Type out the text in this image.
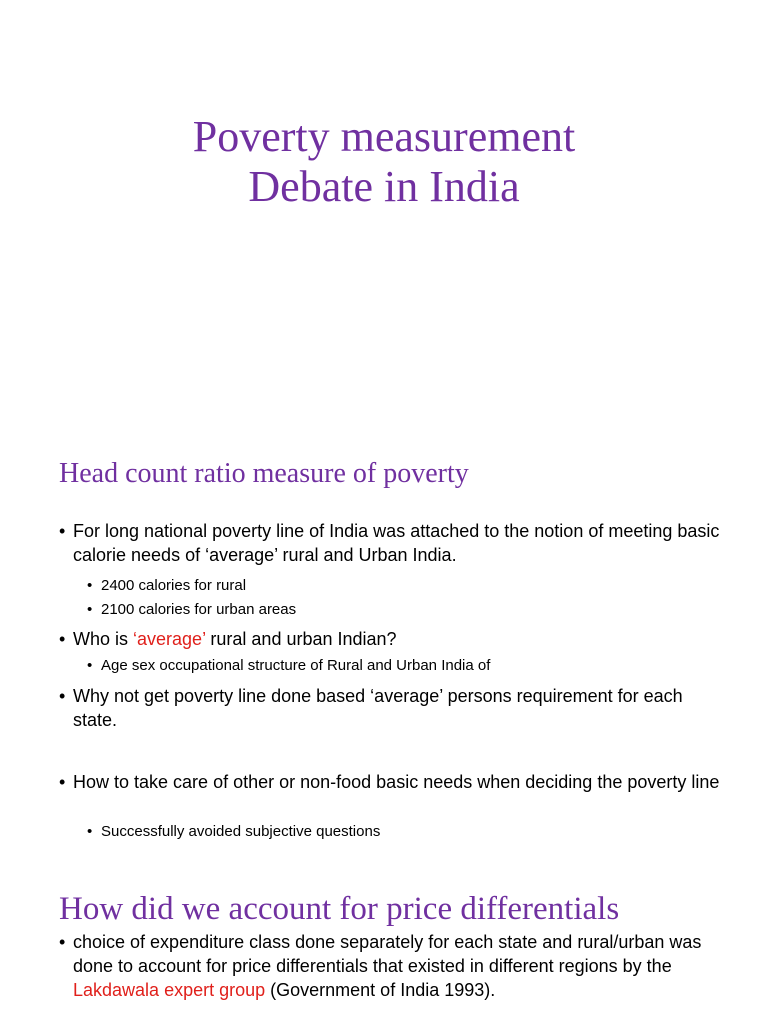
Poverty measurement
Debate in India
Head count ratio measure of poverty
• For long national poverty line of India was attached to the notion of meeting basic calorie needs of ‘average’ rural and Urban India.
• 2400 calories for rural
• 2100 calories for urban areas
• Who is ‘average’ rural and urban Indian?
• Age sex occupational structure of Rural and Urban India of
• Why not get poverty line done based ‘average’ persons requirement for each state.
• How to take care of other or non-food basic needs when deciding the poverty line
• Successfully avoided subjective questions
How did we account for price differentials
• choice of expenditure class done separately for each state and rural/urban was done to account for price differentials that existed in different regions by the Lakdawala expert group (Government of India 1993).
